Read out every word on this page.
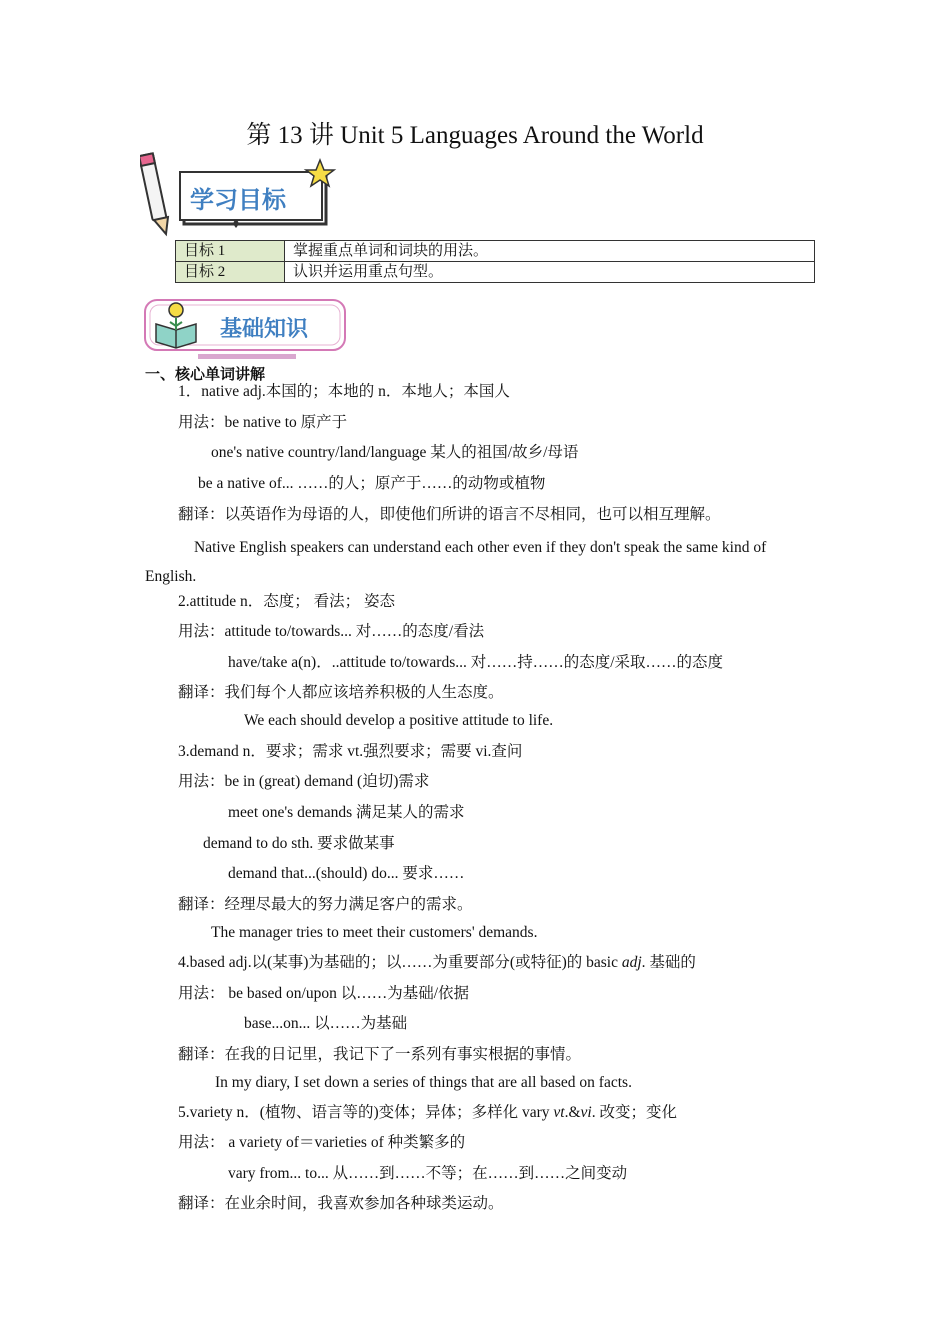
第 13 讲 Unit 5 Languages Around the World
学习目标
目标 1	掌握重点单词和词块的用法。
目标 2	认识并运用重点句型。
基础知识
一、核心单词讲解
1．native adj.本国的；本地的 n．本地人；本国人
用法：be native to 原产于
one's native country/land/language 某人的祖国/故乡/母语
be a native of... ……的人；原产于……的动物或植物
翻译：以英语作为母语的人，即使他们所讲的语言不尽相同，也可以相互理解。
Native English speakers can understand each other even if they don't speak the same kind of English.
2.attitude n．态度； 看法； 姿态
用法：attitude to/towards... 对……的态度/看法
have/take a(n)．..attitude to/towards... 对……持……的态度/采取……的态度
翻译：我们每个人都应该培养积极的人生态度。
We each should develop a positive attitude to life.
3.demand n．要求；需求 vt.强烈要求；需要 vi.查问
用法：be in (great) demand (迫切)需求
meet one's demands 满足某人的需求
demand to do sth. 要求做某事
demand that...(should) do... 要求……
翻译：经理尽最大的努力满足客户的需求。
The manager tries to meet their customers' demands.
4.based adj.以(某事)为基础的；以……为重要部分(或特征)的 basic adj. 基础的
用法： be based on/upon 以……为基础/依据
base...on... 以……为基础
翻译：在我的日记里，我记下了一系列有事实根据的事情。
In my diary, I set down a series of things that are all based on facts.
5.variety n．(植物、语言等的)变体；异体；多样化 vary vt.&vi. 改变；变化
用法： a variety of＝varieties of 种类繁多的
vary from... to... 从……到……不等；在……到……之间变动
翻译：在业余时间，我喜欢参加各种球类运动。
